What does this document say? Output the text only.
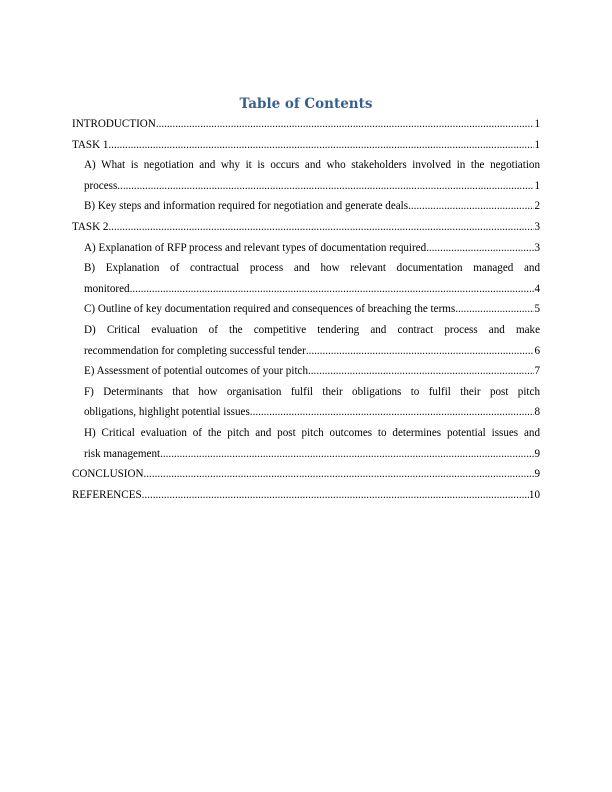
Table of Contents
INTRODUCTION .....	1
TASK 1 .....	1
A) What is negotiation and why it is occurs and who stakeholders involved in the negotiation
process .....	1
B) Key steps and information required for negotiation and generate deals .....	2
TASK 2 .....	3
A) Explanation of RFP process and relevant types of documentation required .....	3
B) Explanation of contractual process and how relevant documentation managed and
monitored .....	4
C) Outline of key documentation required and consequences of breaching the terms .....	5
D) Critical evaluation of the competitive tendering and contract process and make
recommendation for completing successful tender .....	6
E) Assessment of potential outcomes of your pitch .....	7
F) Determinants that how organisation fulfil their obligations to fulfil their post pitch
obligations, highlight potential issues .....	8
H) Critical evaluation of the pitch and post pitch outcomes to determines potential issues and
risk management .....	9
CONCLUSION .....	9
REFERENCES .....	10
